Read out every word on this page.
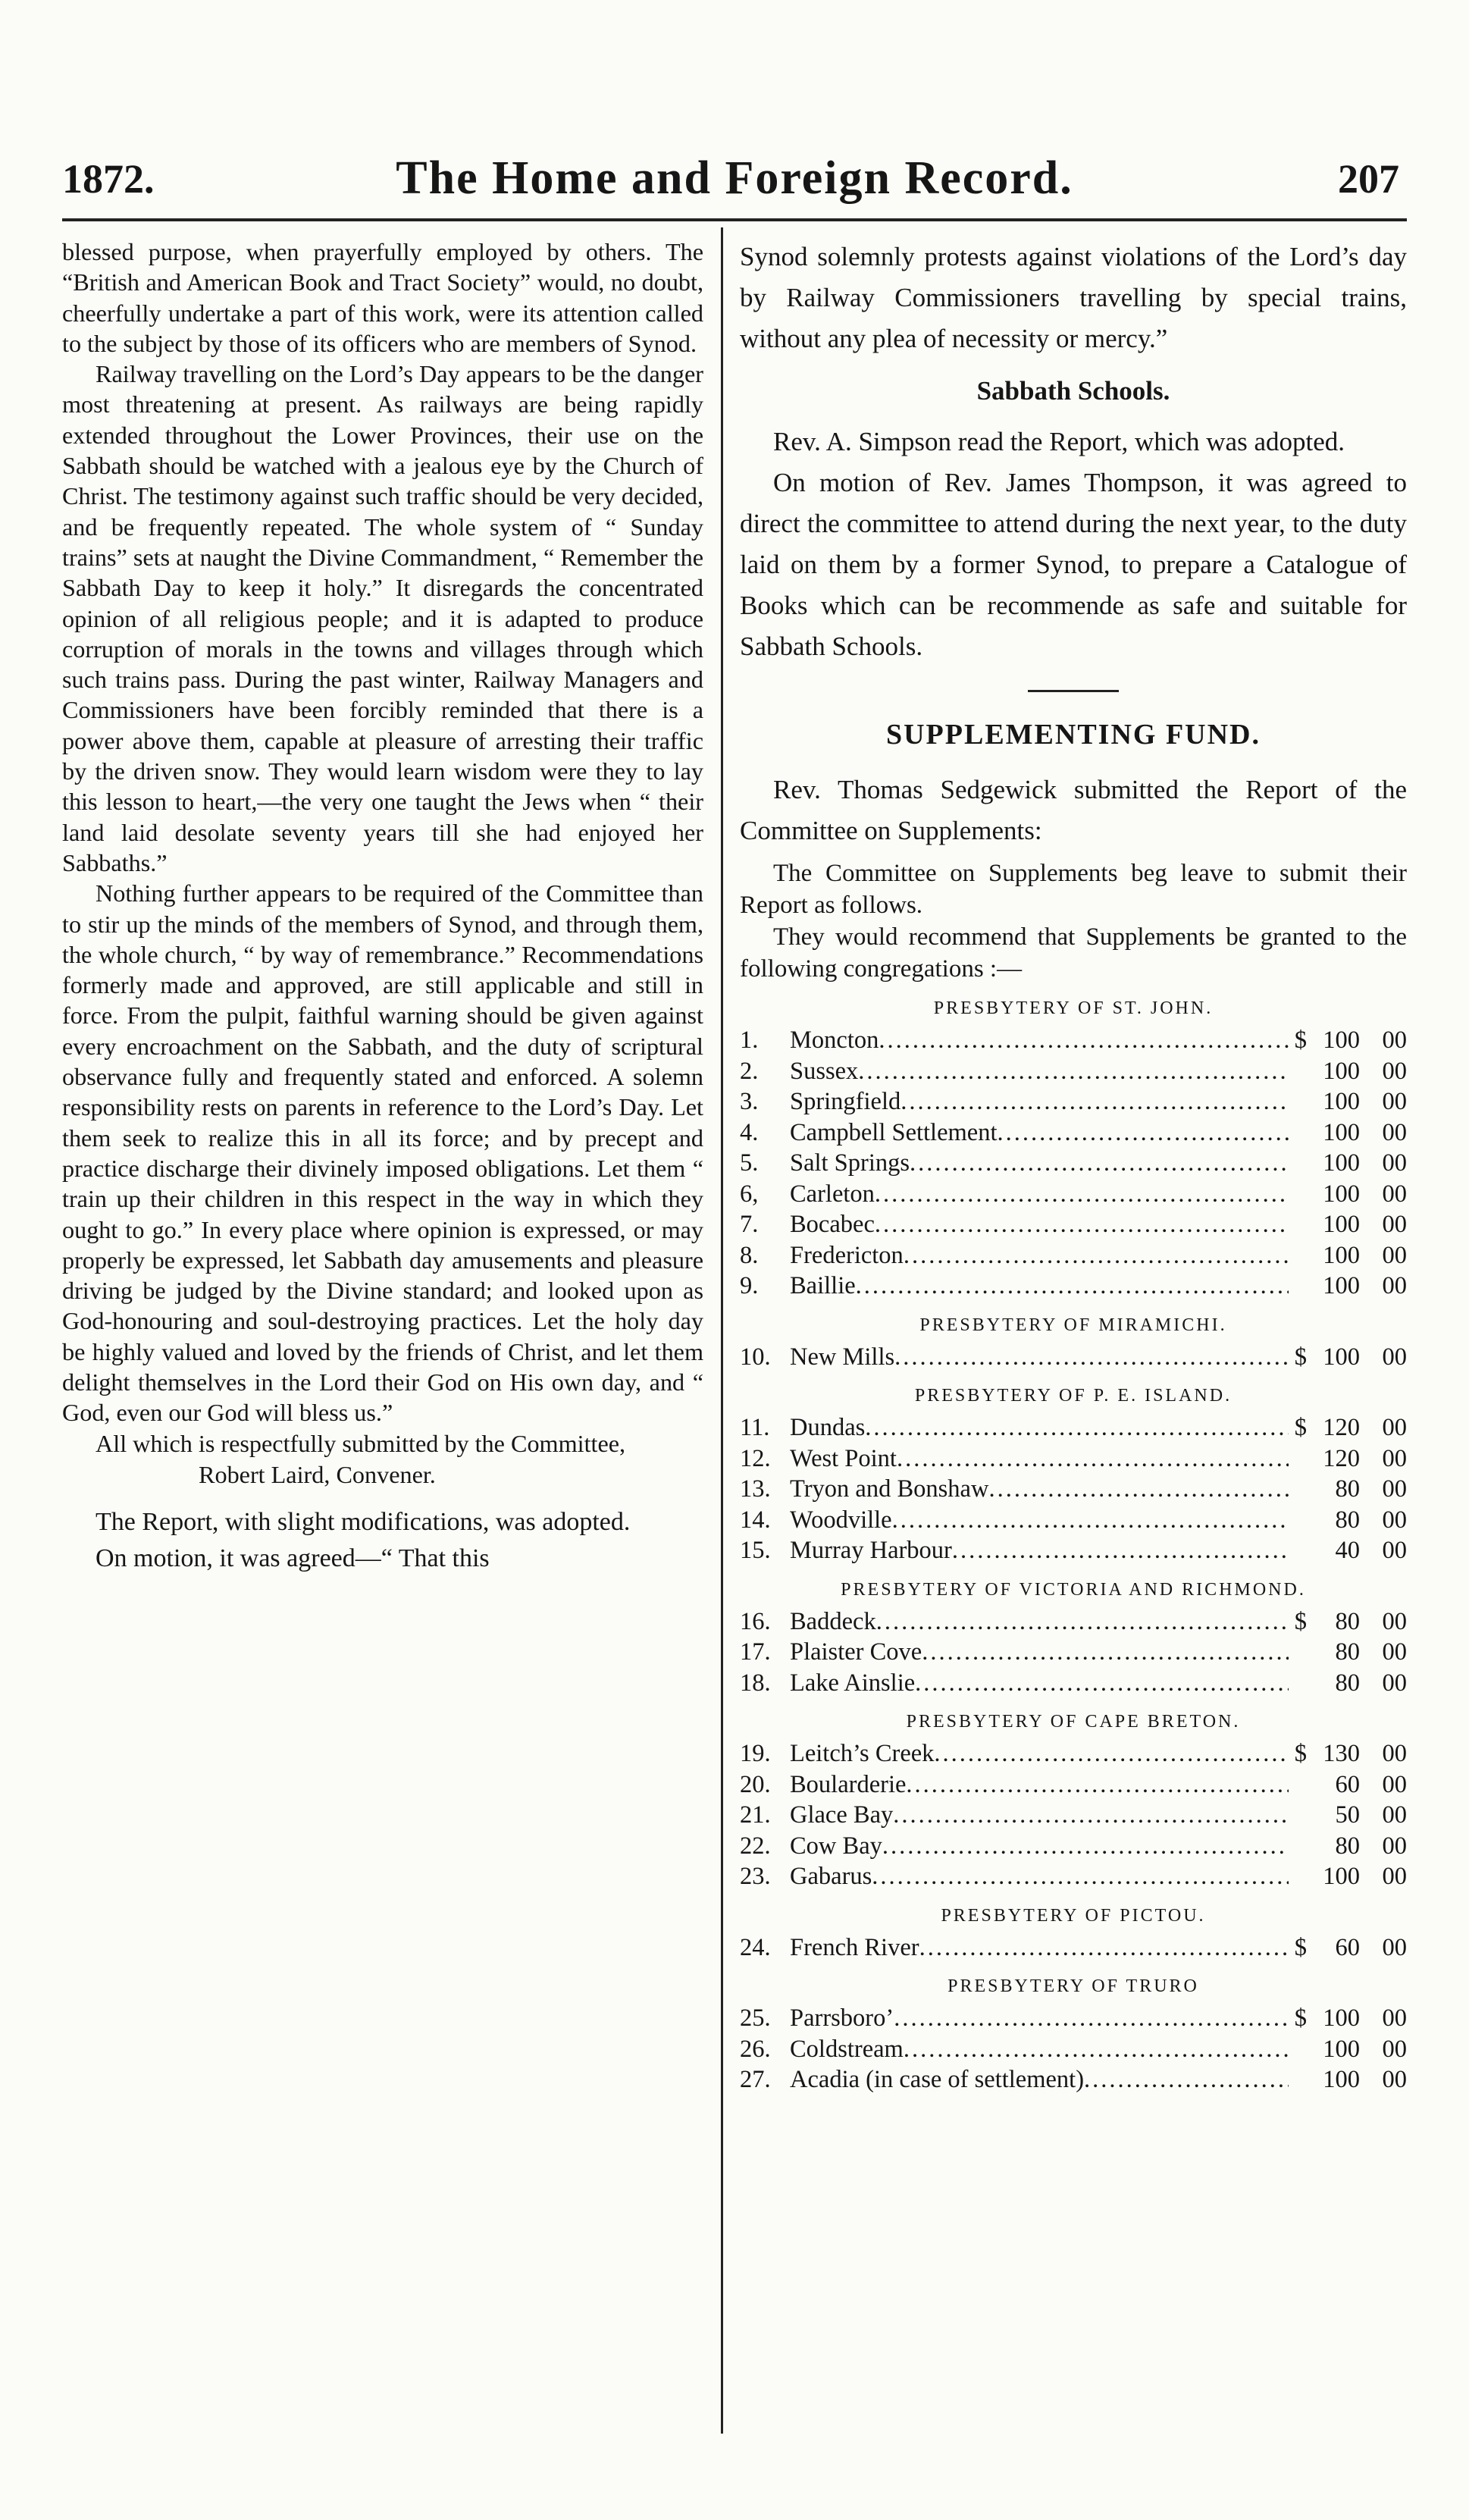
1872.	The Home and Foreign Record.	207

blessed purpose, when prayerfully employed by others. The “British and American Book and Tract Society” would, no doubt, cheerfully undertake a part of this work, were its attention called to the subject by those of its officers who are members of Synod.

Railway travelling on the Lord’s Day appears to be the danger most threatening at present. As railways are being rapidly extended throughout the Lower Provinces, their use on the Sabbath should be watched with a jealous eye by the Church of Christ. The testimony against such traffic should be very decided, and be frequently repeated. The whole system of “ Sunday trains” sets at naught the Divine Commandment, “ Remember the Sabbath Day to keep it holy.” It disregards the concentrated opinion of all religious people; and it is adapted to produce corruption of morals in the towns and villages through which such trains pass. During the past winter, Railway Managers and Commissioners have been forcibly reminded that there is a power above them, capable at pleasure of arresting their traffic by the driven snow. They would learn wisdom were they to lay this lesson to heart,—the very one taught the Jews when “ their land laid desolate seventy years till she had enjoyed her Sabbaths.”

Nothing further appears to be required of the Committee than to stir up the minds of the members of Synod, and through them, the whole church, “ by way of remembrance.” Recommendations formerly made and approved, are still applicable and still in force. From the pulpit, faithful warning should be given against every encroachment on the Sabbath, and the duty of scriptural observance fully and frequently stated and enforced. A solemn responsibility rests on parents in reference to the Lord’s Day. Let them seek to realize this in all its force; and by precept and practice discharge their divinely imposed obligations. Let them “ train up their children in this respect in the way in which they ought to go.” In every place where opinion is expressed, or may properly be expressed, let Sabbath day amusements and pleasure driving be judged by the Divine standard; and looked upon as God-honouring and soul-destroying practices. Let the holy day be highly valued and loved by the friends of Christ, and let them delight themselves in the Lord their God on His own day, and “ God, even our God will bless us.”

All which is respectfully submitted by the Committee,

Robert Laird, Convener.

The Report, with slight modifications, was adopted.

On motion, it was agreed—“ That this

Synod solemnly protests against violations of the Lord’s day by Railway Commissioners travelling by special trains, without any plea of necessity or mercy.”

Sabbath Schools.

Rev. A. Simpson read the Report, which was adopted.

On motion of Rev. James Thompson, it was agreed to direct the committee to attend during the next year, to the duty laid on them by a former Synod, to prepare a Catalogue of Books which can be recommende as safe and suitable for Sabbath Schools.

SUPPLEMENTING FUND.

Rev. Thomas Sedgewick submitted the Report of the Committee on Supplements:

The Committee on Supplements beg leave to submit their Report as follows.

They would recommend that Supplements be granted to the following congregations :—

PRESBYTERY OF ST. JOHN.
1.	Moncton .....	$ 100 00
2.	Sussex .....	100 00
3.	Springfield .....	100 00
4.	Campbell Settlement .....	100 00
5.	Salt Springs .....	100 00
6,	Carleton .....	100 00
7.	Bocabec .....	100 00
8.	Fredericton .....	100 00
9.	Baillie .....	100 00
PRESBYTERY OF MIRAMICHI.
10. New Mills .....	$ 100 00
PRESBYTERY OF P. E. ISLAND.
11. Dundas .....	$ 120 00
12. West Point .....	120 00
13. Tryon and Bonshaw .....	80 00
14. Woodville .....	80 00
15. Murray Harbour .....	40 00
PRESBYTERY OF VICTORIA AND RICHMOND.
16. Baddeck .....	$	80 00
17. Plaister Cove .....	80 00
18. Lake Ainslie .....	80 00
PRESBYTERY OF CAPE BRETON.
19. Leitch’s Creek .....	$ 130 00
20. Boularderie .....	60 00
21. Glace Bay .....	50 00
22. Cow Bay .....	80 00
23. Gabarus .....	100 00
PRESBYTERY OF PICTOU.
24. French River .....	$	60 00
PRESBYTERY OF TRURO
25. Parrsboro’ .....	$ 100 00
26. Coldstream .....	100 00
27. Acadia (in case of settlement) .....	100 00
